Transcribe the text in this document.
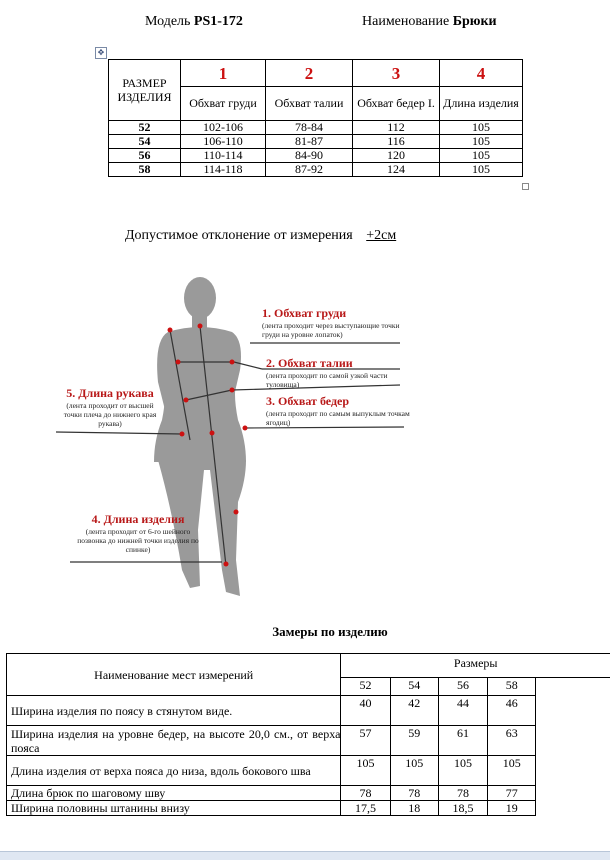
Модель PS1-172	Наименование Брюки
✥
РАЗМЕР ИЗДЕЛИЯ	1	2	3	4
	Обхват груди	Обхват талии	Обхват бедер I.	Длина изделия
52	102-106	78-84	112	105
54	106-110	81-87	116	105
56	110-114	84-90	120	105
58	114-118	87-92	124	105
Допустимое отклонение от измерения +2см
1. Обхват груди
(лента проходит через выступающие точки груди на уровне лопаток)
2. Обхват талии
(лента проходит по самой узкой части туловища)
3. Обхват бедер
(лента проходит по самым выпуклым точкам ягодиц)
5. Длина рукава
(лента проходит от высшей точки плеча до нижнего края рукава)
4. Длина изделия
(лента проходит от 6-го шейного позвонка до нижней точки изделия по спинке)
Замеры по изделию
Наименование мест измерений	Размеры				
	52	54	56	58	
Ширина изделия по поясу в стянутом виде.	40	42	44	46	
Ширина изделия на уровне бедер, на высоте 20,0 см., от верха пояса	57	59	61	63	
Длина изделия от верха пояса до низа, вдоль бокового шва	105	105	105	105	
Длина брюк по шаговому шву	78	78	78	77	
Ширина половины штанины внизу	17,5	18	18,5	19	
